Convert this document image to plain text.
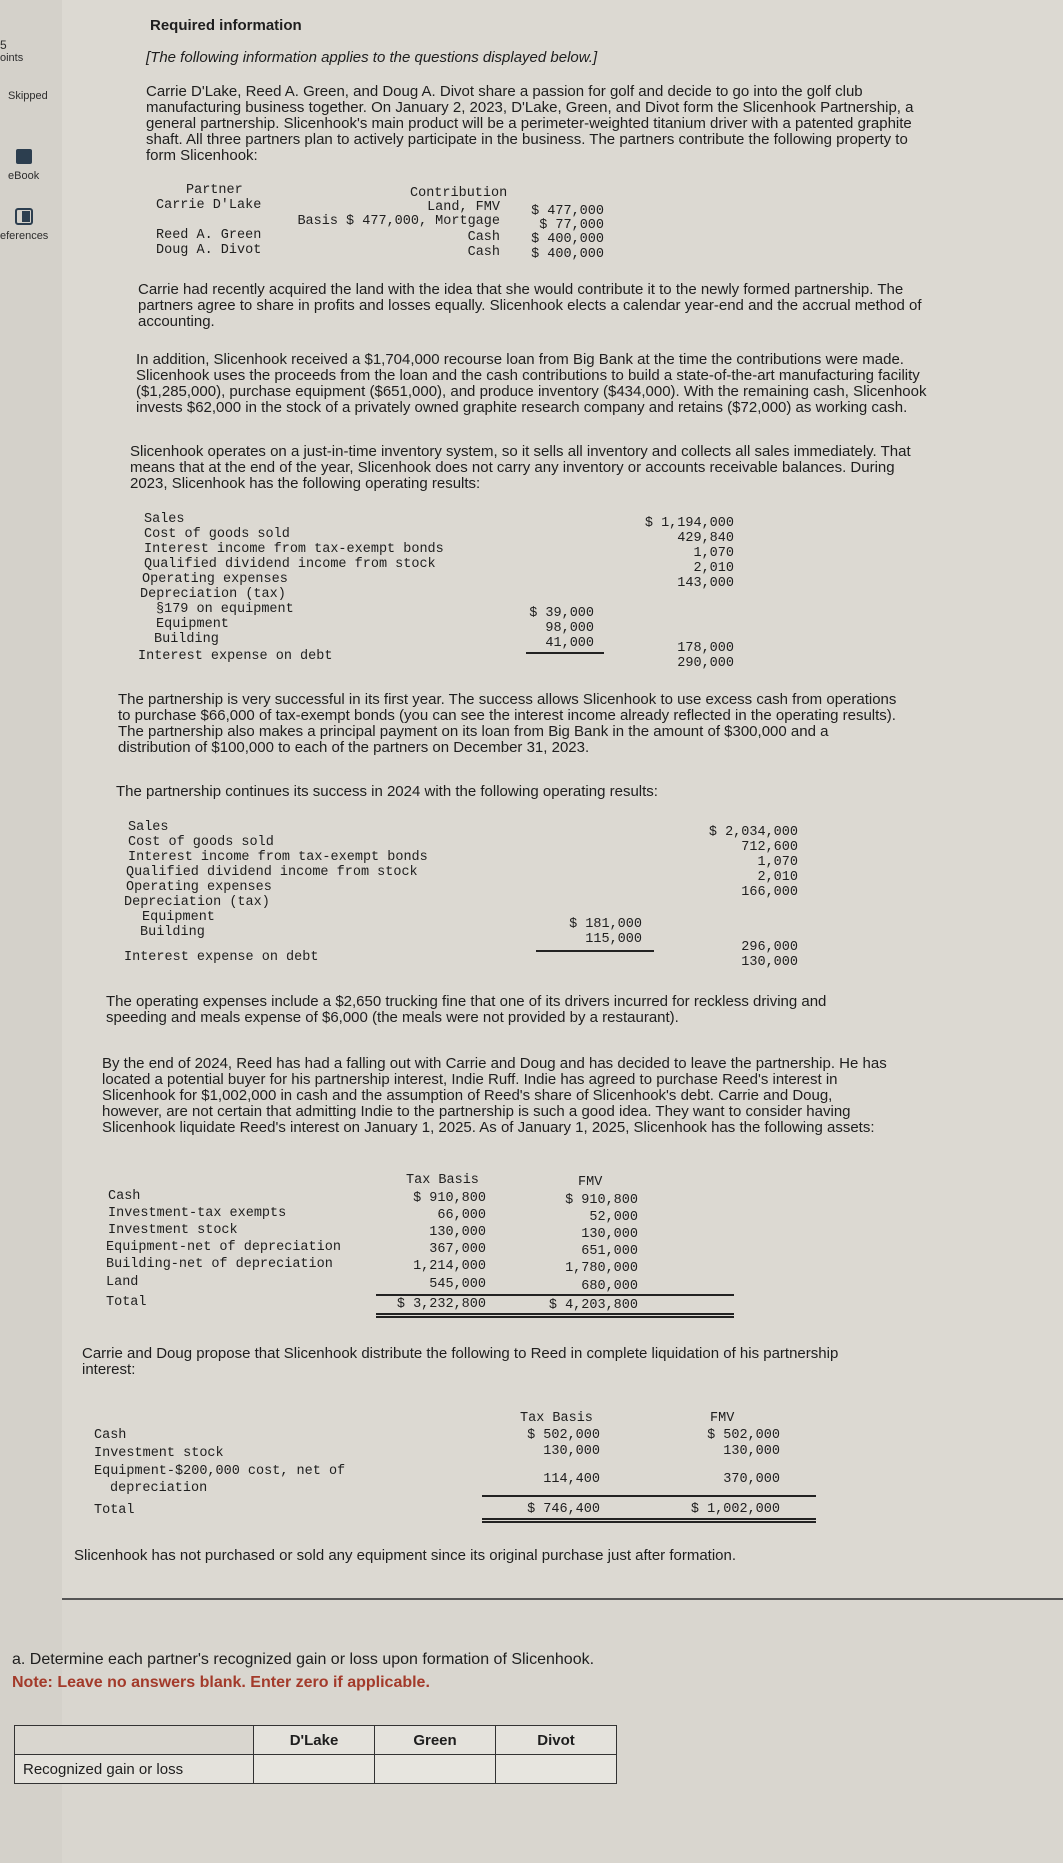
5
oints
Skipped
eBook
eferences
Required information
[The following information applies to the questions displayed below.]
Carrie D'Lake, Reed A. Green, and Doug A. Divot share a passion for golf and decide to go into the golf club
manufacturing business together. On January 2, 2023, D'Lake, Green, and Divot form the Slicenhook Partnership, a
general partnership. Slicenhook's main product will be a perimeter-weighted titanium driver with a patented graphite
shaft. All three partners plan to actively participate in the business. The partners contribute the following property to
form Slicenhook:
Partner	Contribution
Carrie D'Lake	Land, FMV	$ 477,000
Basis $ 477,000, Mortgage	$ 77,000
Reed A. Green	Cash	$ 400,000
Doug A. Divot	Cash	$ 400,000
Carrie had recently acquired the land with the idea that she would contribute it to the newly formed partnership. The
partners agree to share in profits and losses equally. Slicenhook elects a calendar year-end and the accrual method of
accounting.
In addition, Slicenhook received a $1,704,000 recourse loan from Big Bank at the time the contributions were made.
Slicenhook uses the proceeds from the loan and the cash contributions to build a state-of-the-art manufacturing facility
($1,285,000), purchase equipment ($651,000), and produce inventory ($434,000). With the remaining cash, Slicenhook
invests $62,000 in the stock of a privately owned graphite research company and retains ($72,000) as working cash.
Slicenhook operates on a just-in-time inventory system, so it sells all inventory and collects all sales immediately. That
means that at the end of the year, Slicenhook does not carry any inventory or accounts receivable balances. During
2023, Slicenhook has the following operating results:
Sales	$ 1,194,000
Cost of goods sold	429,840
Interest income from tax-exempt bonds	1,070
Qualified dividend income from stock	2,010
Operating expenses	143,000
Depreciation (tax)
§179 on equipment	$ 39,000
Equipment	98,000
Building	41,000	178,000
Interest expense on debt	290,000
The partnership is very successful in its first year. The success allows Slicenhook to use excess cash from operations
to purchase $66,000 of tax-exempt bonds (you can see the interest income already reflected in the operating results).
The partnership also makes a principal payment on its loan from Big Bank in the amount of $300,000 and a
distribution of $100,000 to each of the partners on December 31, 2023.
The partnership continues its success in 2024 with the following operating results:
Sales	$ 2,034,000
Cost of goods sold	712,600
Interest income from tax-exempt bonds	1,070
Qualified dividend income from stock	2,010
Operating expenses	166,000
Depreciation (tax)
Equipment	$ 181,000
Building	115,000
296,000
Interest expense on debt	130,000
The operating expenses include a $2,650 trucking fine that one of its drivers incurred for reckless driving and
speeding and meals expense of $6,000 (the meals were not provided by a restaurant).
By the end of 2024, Reed has had a falling out with Carrie and Doug and has decided to leave the partnership. He has
located a potential buyer for his partnership interest, Indie Ruff. Indie has agreed to purchase Reed's interest in
Slicenhook for $1,002,000 in cash and the assumption of Reed's share of Slicenhook's debt. Carrie and Doug,
however, are not certain that admitting Indie to the partnership is such a good idea. They want to consider having
Slicenhook liquidate Reed's interest on January 1, 2025. As of January 1, 2025, Slicenhook has the following assets:
Tax Basis	FMV
Cash	$ 910,800	$ 910,800
Investment-tax exempts	66,000	52,000
Investment stock	130,000	130,000
Equipment-net of depreciation	367,000	651,000
Building-net of depreciation	1,214,000	1,780,000
Land	545,000	680,000
Total	$ 3,232,800	$ 4,203,800
Carrie and Doug propose that Slicenhook distribute the following to Reed in complete liquidation of his partnership
interest:
Tax Basis	FMV
Cash	$ 502,000	$ 502,000
Investment stock	130,000	130,000
Equipment-$200,000 cost, net of
depreciation
114,400	370,000
Total	$ 746,400	$ 1,002,000
Slicenhook has not purchased or sold any equipment since its original purchase just after formation.
a. Determine each partner's recognized gain or loss upon formation of Slicenhook.
Note: Leave no answers blank. Enter zero if applicable.
	D'Lake	Green	Divot
Recognized gain or loss			
